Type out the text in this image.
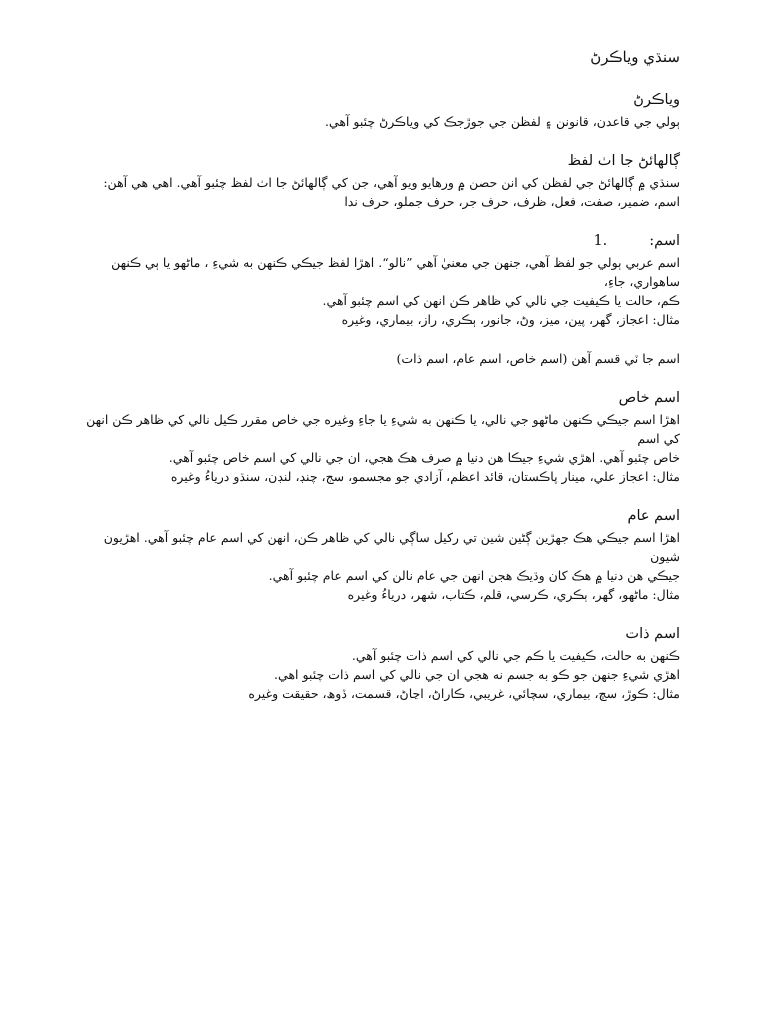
سنڌي وياڪرڻ
وياڪرڻ
ٻولي جي قاعدن، قانونن ۽ لفظن جي جوڙجڪ کي وياڪرڻ چئبو آهي.
ڳالهائڻ جا اٺ لفظ
سنڌي ۾ ڳالهائڻ جي لفظن کي انن حصن ۾ ورهايو ويو آهي، جن کي ڳالهائڻ جا اٺ لفظ چئبو آهي. اهي هي آهن:
اسم، ضمير، صفت، فعل، ظرف، حرف جر، حرف جملو، حرف ندا
اسم:
1.
اسم عربي ٻولي جو لفظ آهي، جنهن جي معنيٰ آهي ”نالو“. اهڙا لفظ جيڪي ڪنهن به شيءِ ، ماڻهو يا ٻي ڪنهن ساهواري، جاءِ،
ڪم، حالت يا ڪيفيت جي نالي کي ظاهر ڪن انهن کي اسم چئبو آهي.
مثال: اعجاز، گهر، پين، ميز، وڻ، جانور، ٻڪري، راز، بيماري، وغيره
اسم جا ٽي قسم آهن (اسم خاص، اسم عام، اسم ذات)
اسم خاص
اهڙا اسم جيڪي ڪنهن ماڻهو جي نالي، يا ڪنهن به شيءِ يا جاءِ وغيره جي خاص مقرر ڪيل نالي کي ظاهر ڪن انهن کي اسم
خاص چئبو آهي. اهڙي شيءِ جيڪا هن دنيا ۾ صرف هڪ هجي، ان جي نالي کي اسم خاص چئبو آهي.
مثال: اعجاز علي، مينار پاڪستان، قائد اعظم، آزادي جو مجسمو، سج، چنڊ، لنڊن، سنڌو درياءُ وغيره
اسم عام
اهڙا اسم جيڪي هڪ جهڙين ڳڻين شين تي رکيل ساڳي نالي کي ظاهر ڪن، انهن کي اسم عام چئبو آهي. اهڙيون شيون
جيڪي هن دنيا ۾ هڪ کان وڌيڪ هجن انهن جي عام نالن کي اسم عام چئبو آهي.
مثال: ماڻهو، گهر، ٻڪري، ڪرسي، قلم، ڪتاب، شهر، درياءُ وغيره
اسم ذات
ڪنهن به حالت، ڪيفيت يا ڪم جي نالي کي اسم ذات چئبو آهي.
اهڙي شيءِ جنهن جو ڪو به جسم نه هجي ان جي نالي کي اسم ذات چئبو اهي.
مثال: ڪوڙ، سچ، بيماري، سچائي، غريبي، ڪاراڻ، اڃاڻ، قسمت، ڏوھ، حقيقت وغيره
